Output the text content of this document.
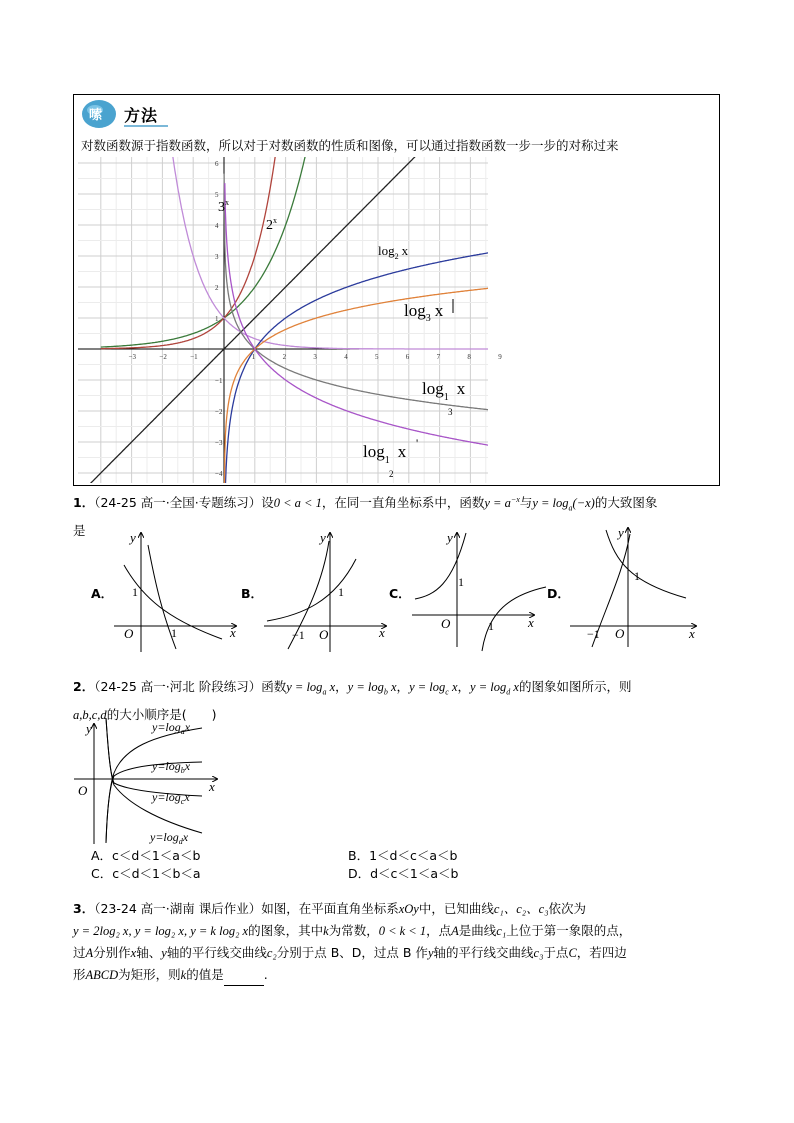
嗦 方法
对数函数源于指数函数，所以对于对数函数的性质和图像，可以通过指数函数一步一步的对称过来
−3	−2	−1	1	2	3	4	5	6	7	8	9
6
5
4
3
2
1
−1
−2
−3
−4
3$^x$
2$^x$
$\log_2 x$
$\log_3 x$
$\log_1 x$
3
$\log_1 x$
2
'
1．（24-25 高一·全国·专题练习）设0 < a < 1，在同一直角坐标系中，函数$y = a^{-x}$与$y = \log_a(-x)$的大致图象
是
A．
y
x
O
1
1
B．
y
x
O
1
−1
C．
y
x
O
1
1
D．
y
x
O
1
−1
2．（24-25 高一·河北 阶段练习）函数$y = \log_a x$，$y = \log_b x$，$y = \log_c x$，$y = \log_d x$的图象如图所示，则
a,b,c,d的大小顺序是(　　)
y
x
O
$y=\log_ax$
$y=\log_bx$
$y=\log_cx$
$y=\log_dx$
A．c＜d＜1＜a＜b	B．1＜d＜c＜a＜b
C．c＜d＜1＜b＜a	D．d＜c＜1＜a＜b
3．（23-24 高一·湖南 课后作业）如图，在平面直角坐标系xOy中，已知曲线c₁、c₂、c₃依次为
y = 2log₂ x, y = log₂ x, y = k log₂ x的图象，其中k为常数，0 < k < 1，点A是曲线c₁上位于第一象限的点，
过A分别作x轴、y轴的平行线交曲线c₂分别于点 B、D，过点 B 作y轴的平行线交曲线c₃于点C，若四边
形ABCD为矩形，则k的值是	.
